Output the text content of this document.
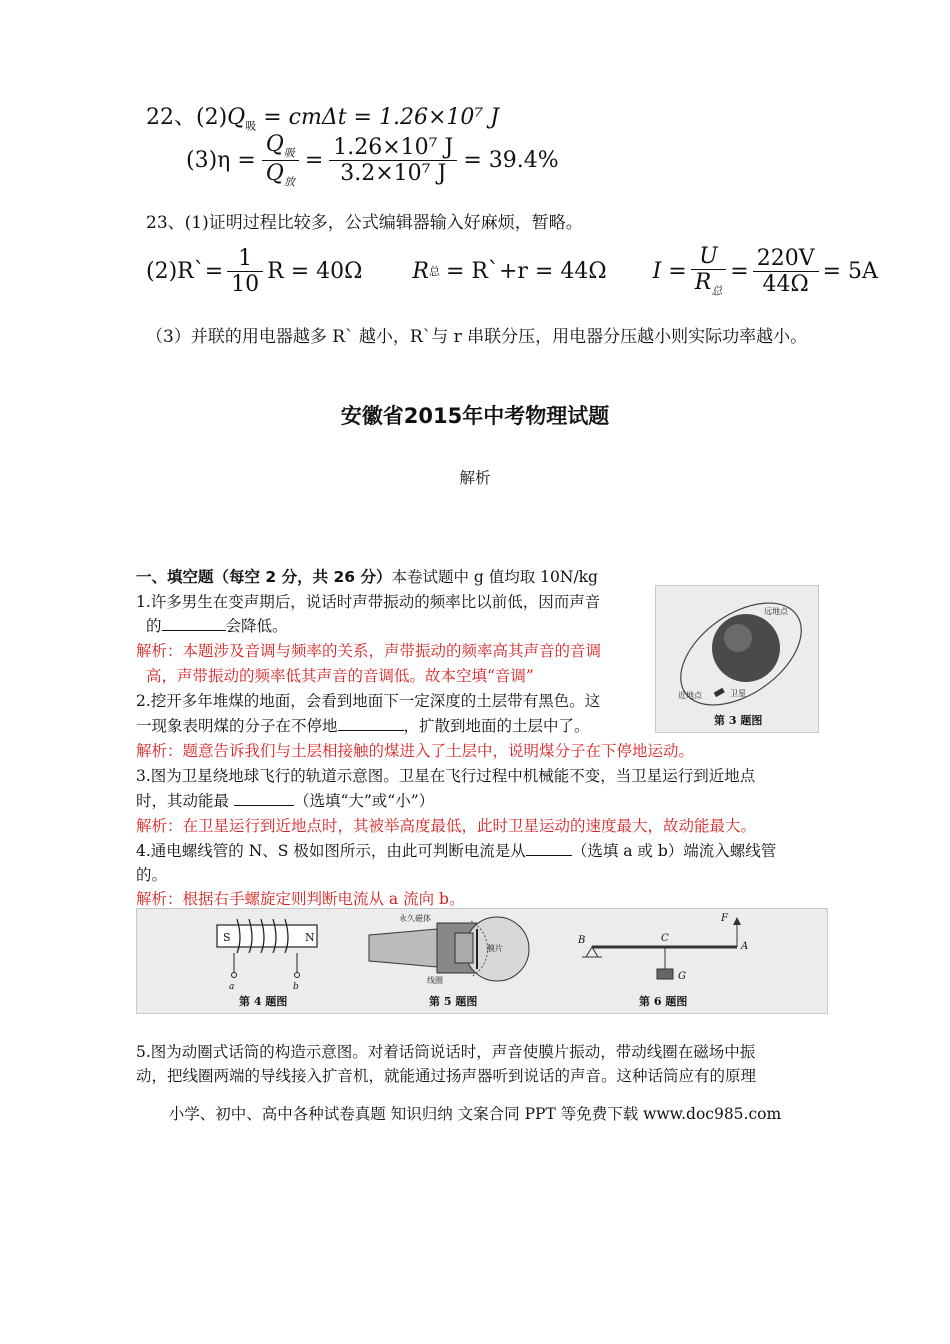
22、$(2)Q_吸 = cm\Delta t = 1.26\times 10^7$ J
$(3)\eta = \frac{Q_吸}{Q_放} = \frac{\text{1.26×10⁷ J}}{\text{3.2×10⁷ J}} = 39.4\%$
23、(1)证明过程比较多，公式编辑器输入好麻烦，暂略。
(2)R`= $\frac{1}{10}$ R = 40Ω R 总 = R`+r = 44Ω $I = \frac{U}{R_总} = \frac{220V}{44\Omega} = 5A$
（3）并联的用电器越多 R` 越小，R`与 r 串联分压，用电器分压越小则实际功率越小。
安徽省2015年中考物理试题
解析
一、填空题（每空 2 分，共 26 分）本卷试题中 g 值均取 10N/kg
1.许多男生在变声期后，说话时声带振动的频率比以前低，因而声音
的	会降低。
解析：本题涉及音调与频率的关系，声带振动的频率高其声音的音调
高，声带振动的频率低其声音的音调低。故本空填“音调”
2.挖开多年堆煤的地面，会看到地面下一定深度的土层带有黑色。这
一现象表明煤的分子在不停地	，扩散到地面的土层中了。
解析：题意告诉我们与土层相接触的煤进入了土层中，说明煤分子在下停地运动。
远地点
近地点	卫星
第 3 题图
3.图为卫星绕地球飞行的轨道示意图。卫星在飞行过程中机械能不变，当卫星运行到近地点
时，其动能最	（选填“大”或“小”）
解析：在卫星运行到近地点时，其被举高度最低，此时卫星运动的速度最大，故动能最大。
4.通电螺线管的 N、S 极如图所示，由此可判断电流是从	（选填 a 或 b）端流入螺线管
的。
解析：根据右手螺旋定则判断电流从 a 流向 b。
S	N
a	b
第 4 题图
永久磁体
膜片
线圈
第 5 题图
B	C
A
F
G
第 6 题图
5.图为动圈式话筒的构造示意图。对着话筒说话时，声音使膜片振动，带动线圈在磁场中振
动，把线圈两端的导线接入扩音机，就能通过扬声器听到说话的声音。这种话筒应有的原理
小学、初中、高中各种试卷真题 知识归纳 文案合同 PPT 等免费下载 www.doc985.com
